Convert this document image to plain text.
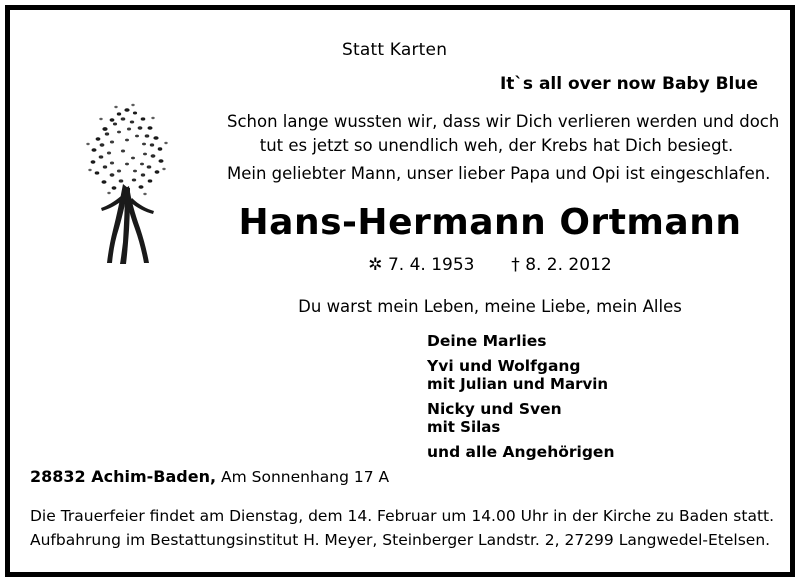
Statt Karten
It`s all over now Baby Blue
Schon lange wussten wir, dass wir Dich verlieren werden und doch
tut es jetzt so unendlich weh, der Krebs hat Dich besiegt.
Mein geliebter Mann, unser lieber Papa und Opi ist eingeschlafen.
Hans-Hermann Ortmann
✲ 7. 4. 1953 † 8. 2. 2012
Du warst mein Leben, meine Liebe, mein Alles
Deine Marlies
Yvi und Wolfgang
mit Julian und Marvin
Nicky und Sven
mit Silas
und alle Angehörigen
28832 Achim-Baden, Am Sonnenhang 17 A
Die Trauerfeier findet am Dienstag, dem 14. Februar um 14.00 Uhr in der Kirche zu Baden statt.
Aufbahrung im Bestattungsinstitut H. Meyer, Steinberger Landstr. 2, 27299 Langwedel-Etelsen.
